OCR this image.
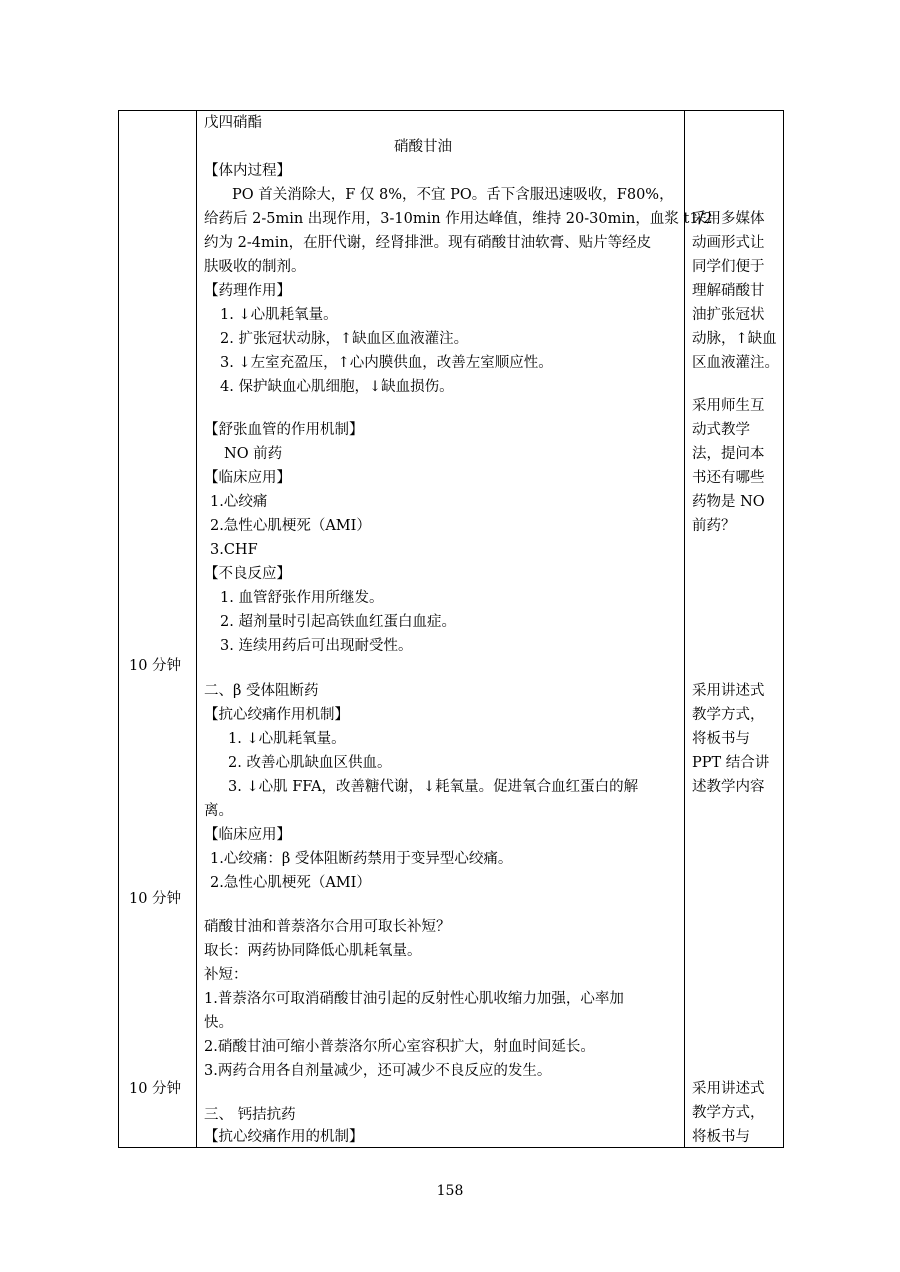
10 分钟
10 分钟
10 分钟
戊四硝酯
硝酸甘油
【体内过程】
PO 首关消除大，F 仅 8%，不宜 PO。舌下含服迅速吸收，F80%，
给药后 2-5min 出现作用，3-10min 作用达峰值，维持 20-30min，血浆 t1/2
约为 2-4min，在肝代谢，经肾排泄。现有硝酸甘油软膏、贴片等经皮
肤吸收的制剂。
【药理作用】
1. ↓心肌耗氧量。
2. 扩张冠状动脉，↑缺血区血液灌注。
3. ↓左室充盈压，↑心内膜供血，改善左室顺应性。
4. 保护缺血心肌细胞，↓缺血损伤。
【舒张血管的作用机制】
NO 前药
【临床应用】
1.心绞痛
2.急性心肌梗死（AMI）
3.CHF
【不良反应】
1. 血管舒张作用所继发。
2. 超剂量时引起高铁血红蛋白血症。
3. 连续用药后可出现耐受性。
二、β 受体阻断药
【抗心绞痛作用机制】
1. ↓心肌耗氧量。
2. 改善心肌缺血区供血。
3. ↓心肌 FFA，改善糖代谢，↓耗氧量。促进氧合血红蛋白的解
离。
【临床应用】
1.心绞痛：β 受体阻断药禁用于变异型心绞痛。
2.急性心肌梗死（AMI）
硝酸甘油和普萘洛尔合用可取长补短？
取长：两药协同降低心肌耗氧量。
补短：
1.普萘洛尔可取消硝酸甘油引起的反射性心肌收缩力加强，心率加
快。
2.硝酸甘油可缩小普萘洛尔所心室容积扩大，射血时间延长。
3.两药合用各自剂量减少，还可减少不良反应的发生。
三、 钙拮抗药
【抗心绞痛作用的机制】
采用多媒体
动画形式让
同学们便于
理解硝酸甘
油扩张冠状
动脉，↑缺血
区血液灌注。
采用师生互
动式教学
法，提问本
书还有哪些
药物是 NO
前药？
采用讲述式
教学方式，
将板书与
PPT 结合讲
述教学内容
采用讲述式
教学方式，
将板书与
158
